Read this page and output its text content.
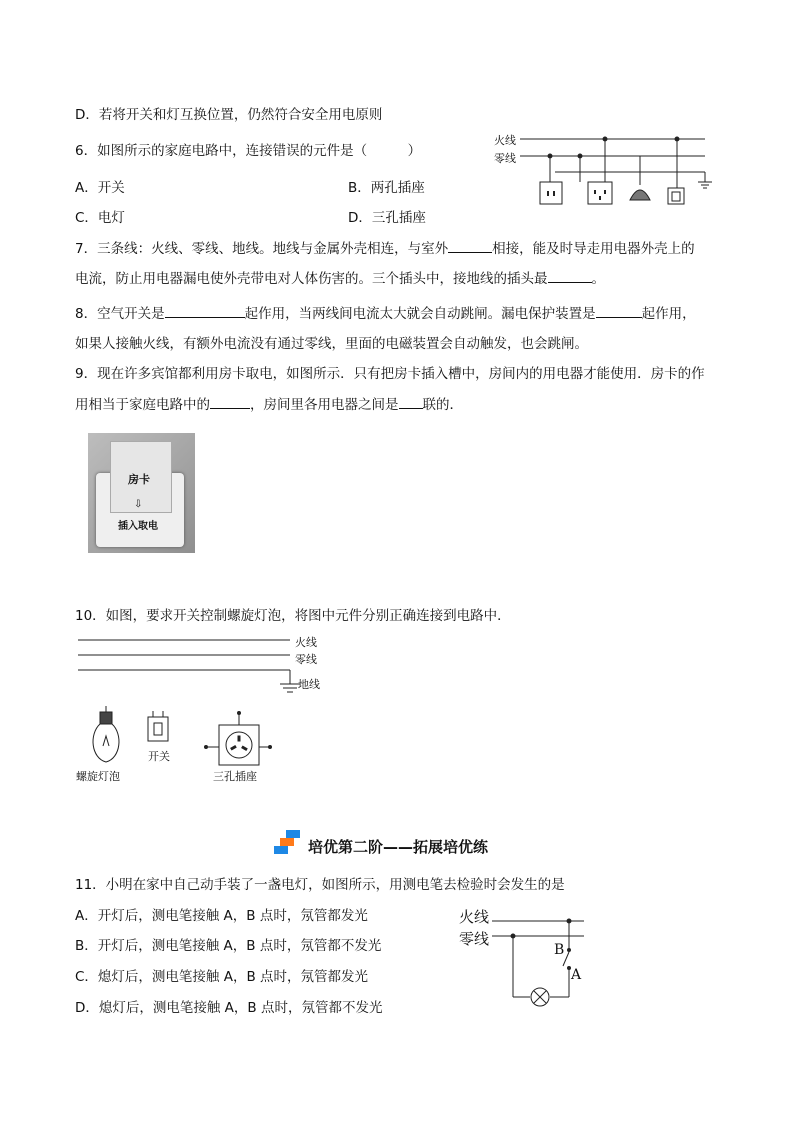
D．若将开关和灯互换位置，仍然符合安全用电原则
6．如图所示的家庭电路中，连接错误的元件是（　　　）
A．开关	B．两孔插座
C．电灯	D．三孔插座
火线
零线
7．三条线：火线、零线、地线。地线与金属外壳相连，与室外	相接，能及时导走用电器外壳上的
电流，防止用电器漏电使外壳带电对人体伤害的。三个插头中，接地线的插头最	。
8．空气开关是	起作用，当两线间电流太大就会自动跳闸。漏电保护装置是	起作用，
如果人接触火线，有额外电流没有通过零线，里面的电磁装置会自动触发，也会跳闸。
9．现在许多宾馆都利用房卡取电，如图所示．只有把房卡插入槽中，房间内的用电器才能使用．房卡的作
用相当于家庭电路中的	，房间里各用电器之间是 联的．
房卡
⇩
插入取电
10．如图，要求开关控制螺旋灯泡，将图中元件分别正确连接到电路中．
火线
零线
地线
螺旋灯泡
开关
三孔插座
培优第二阶——拓展培优练
11．小明在家中自己动手装了一盏电灯，如图所示，用测电笔去检验时会发生的是
A．开灯后，测电笔接触 A，B 点时，氖管都发光
B．开灯后，测电笔接触 A，B 点时，氖管都不发光
C．熄灯后，测电笔接触 A，B 点时，氖管都发光
D．熄灯后，测电笔接触 A，B 点时，氖管都不发光
火线
零线
B
A
